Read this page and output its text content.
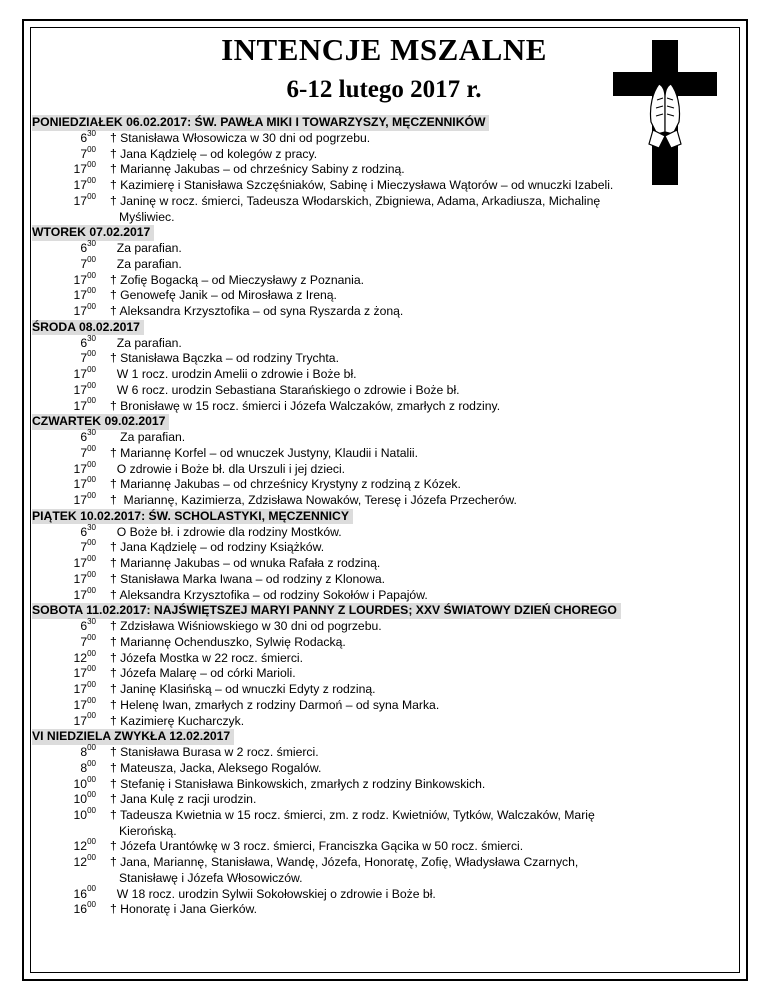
INTENCJE MSZALNE
6-12 lutego 2017 r.
PONIEDZIAŁEK 06.02.2017: ŚW. PAWŁA MIKI I TOWARZYSZY, MĘCZENNIKÓW
$6^{30}$	† Stanisława Włosowicza w 30 dni od pogrzebu.
$7^{00}$	† Jana Kądzielę – od kolegów z pracy.
$17^{00}$	† Mariannę Jakubas – od chrześnicy Sabiny z rodziną.
$17^{00}$	† Kazimierę i Stanisława Szczęśniaków, Sabinę i Mieczysława Wątorów – od wnuczki Izabeli.
$17^{00}$	† Janinę w rocz. śmierci, Tadeusza Włodarskich, Zbigniewa, Adama, Arkadiusza, Michalinę
Myśliwiec.
WTOREK 07.02.2017
$6^{30}$	Za parafian.
$7^{00}$	Za parafian.
$17^{00}$	† Zofię Bogacką – od Mieczysławy z Poznania.
$17^{00}$	† Genowefę Janik – od Mirosława z Ireną.
$17^{00}$	† Aleksandra Krzysztofika – od syna Ryszarda z żoną.
ŚRODA 08.02.2017
$6^{30}$	Za parafian.
$7^{00}$	† Stanisława Bączka – od rodziny Trychta.
$17^{00}$	W 1 rocz. urodzin Amelii o zdrowie i Boże bł.
$17^{00}$	W 6 rocz. urodzin Sebastiana Starańskiego o zdrowie i Boże bł.
$17^{00}$	† Bronisławę w 15 rocz. śmierci i Józefa Walczaków, zmarłych z rodziny.
CZWARTEK 09.02.2017
$6^{30}$	Za parafian.
$7^{00}$	† Mariannę Korfel – od wnuczek Justyny, Klaudii i Natalii.
$17^{00}$	O zdrowie i Boże bł. dla Urszuli i jej dzieci.
$17^{00}$	† Mariannę Jakubas – od chrześnicy Krystyny z rodziną z Kózek.
$17^{00}$	†  Mariannę, Kazimierza, Zdzisława Nowaków, Teresę i Józefa Przecherów.
PIĄTEK 10.02.2017: ŚW. SCHOLASTYKI, MĘCZENNICY
$6^{30}$	O Boże bł. i zdrowie dla rodziny Mostków.
$7^{00}$	† Jana Kądzielę – od rodziny Książków.
$17^{00}$	† Mariannę Jakubas – od wnuka Rafała z rodziną.
$17^{00}$	† Stanisława Marka Iwana – od rodziny z Klonowa.
$17^{00}$	† Aleksandra Krzysztofika – od rodziny Sokołów i Papajów.
SOBOTA 11.02.2017: NAJŚWIĘTSZEJ MARYI PANNY Z LOURDES; XXV ŚWIATOWY DZIEŃ CHOREGO
$6^{30}$	† Zdzisława Wiśniowskiego w 30 dni od pogrzebu.
$7^{00}$	† Mariannę Ochenduszko, Sylwię Rodacką.
$12^{00}$	† Józefa Mostka w 22 rocz. śmierci.
$17^{00}$	† Józefa Malarę – od córki Marioli.
$17^{00}$	† Janinę Klasińską – od wnuczki Edyty z rodziną.
$17^{00}$	† Helenę Iwan, zmarłych z rodziny Darmoń – od syna Marka.
$17^{00}$	† Kazimierę Kucharczyk.
VI NIEDZIELA ZWYKŁA 12.02.2017
$8^{00}$	† Stanisława Burasa w 2 rocz. śmierci.
$8^{00}$	† Mateusza, Jacka, Aleksego Rogalów.
$10^{00}$	† Stefanię i Stanisława Binkowskich, zmarłych z rodziny Binkowskich.
$10^{00}$	† Jana Kulę z racji urodzin.
$10^{00}$	† Tadeusza Kwietnia w 15 rocz. śmierci, zm. z rodz. Kwietniów, Tytków, Walczaków, Marię
Kierońską.
$12^{00}$	† Józefa Urantówkę w 3 rocz. śmierci, Franciszka Gącika w 50 rocz. śmierci.
$12^{00}$	† Jana, Mariannę, Stanisława, Wandę, Józefa, Honoratę, Zofię, Władysława Czarnych,
Stanisławę i Józefa Włosowiczów.
$16^{00}$	W 18 rocz. urodzin Sylwii Sokołowskiej o zdrowie i Boże bł.
$16^{00}$	† Honoratę i Jana Gierków.
